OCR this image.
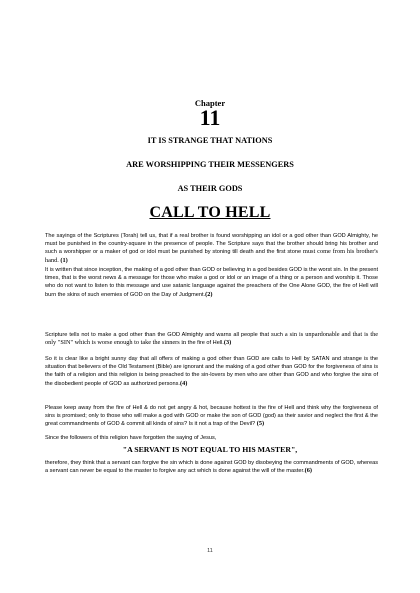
Chapter
11
IT IS STRANGE THAT NATIONS
ARE WORSHIPPING THEIR MESSENGERS
AS THEIR GODS
CALL TO HELL

The sayings of the Scriptures (Torah) tell us, that if a real brother is found worshipping an idol or a god other than GOD Almighty, he must be punished in the country-square in the presence of people. The Scripture says that the brother should bring his brother and such a worshipper or a maker of god or idol must be punished by stoning till death and the first stone must come from his brother's hand. (1)

It is written that since inception, the making of a god other than GOD or believing in a god besides GOD is the worst sin. In the present times, that is the worst news & a message for those who make a god or idol or an image of a thing or a person and worship it. Those who do not want to listen to this message and use satanic language against the preachers of the One Alone GOD, the fire of Hell will burn the skins of such enemies of GOD on the Day of Judgment.(2)

Scripture tells not to make a god other than the GOD Almighty and warns all people that such a sin is unpardonable and that is the only "SIN" which is worse enough to take the sinners in the fire of Hell.(3)

So it is clear like a bright sunny day that all offers of making a god other than GOD are calls to Hell by SATAN and strange is the situation that believers of the Old Testament (Bible) are ignorant and the making of a god other than GOD for the forgiveness of sins is the faith of a religion and this religion is being preached to the sin-lovers by men who are other than GOD and who forgive the sins of the disobedient people of GOD as authorized persons.(4)

Please keep away from the fire of Hell & do not get angry & hot, because hottest is the fire of Hell and think why the forgiveness of sins is promised; only to those who will make a god with GOD or make the son of GOD (god) as their savior and neglect the first & the great commandments of GOD & commit all kinds of sins? Is it not a trap of the Devil? (5)

Since the followers of this religion have forgotten the saying of Jesus,

"A SERVANT IS NOT EQUAL TO HIS MASTER",

therefore, they think that a servant can forgive the sin which is done against GOD by disobeying the commandments of GOD, whereas a servant can never be equal to the master to forgive any act which is done against the will of the master.(6)

11
